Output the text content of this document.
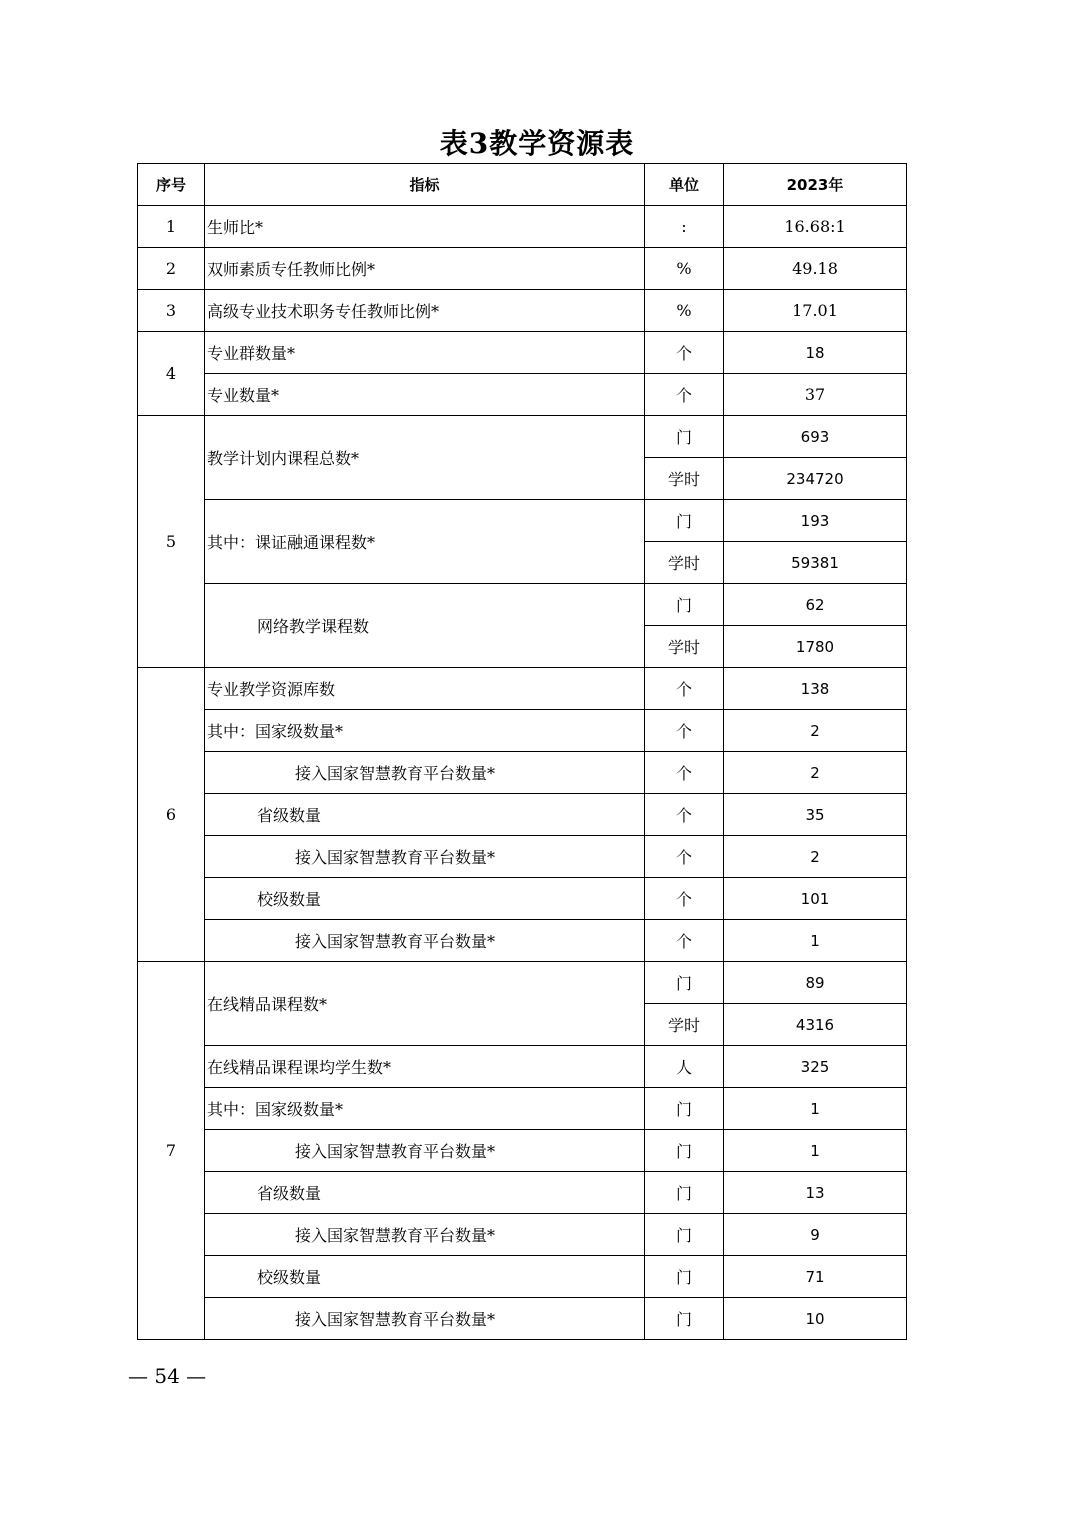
表3教学资源表
序号	指标	单位	2023年
1	生师比*	:	16.68:1
2	双师素质专任教师比例*	%	49.18
3	高级专业技术职务专任教师比例*	%	17.01
4	专业群数量*	个	18
	专业数量*	个	37
5	教学计划内课程总数*	门	693
		学时	234720
	其中：课证融通课程数*	门	193
		学时	59381
	网络教学课程数	门	62
		学时	1780
6	专业教学资源库数	个	138
	其中：国家级数量*	个	2
	接入国家智慧教育平台数量*	个	2
	省级数量	个	35
	接入国家智慧教育平台数量*	个	2
	校级数量	个	101
	接入国家智慧教育平台数量*	个	1
7	在线精品课程数*	门	89
		学时	4316
	在线精品课程课均学生数*	人	325
	其中：国家级数量*	门	1
	接入国家智慧教育平台数量*	门	1
	省级数量	门	13
	接入国家智慧教育平台数量*	门	9
	校级数量	门	71
	接入国家智慧教育平台数量*	门	10
— 54 —
